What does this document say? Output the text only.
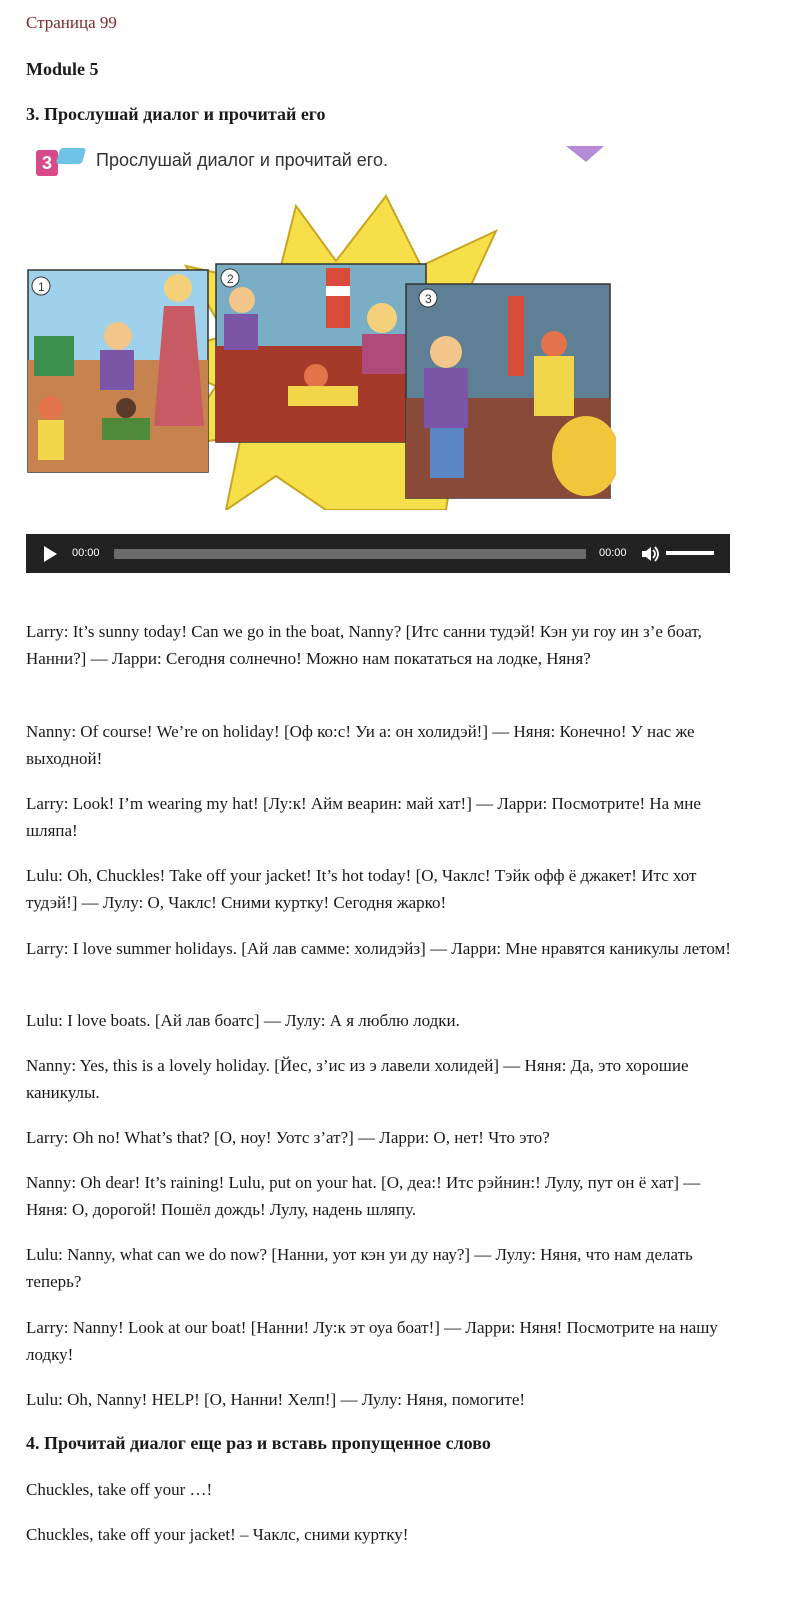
Страница 99
Module 5
3. Прослушай диалог и прочитай его
3	Прослушай диалог и прочитай его.
1
2
3
00:00	00:00

Larry: It’s sunny today! Can we go in the boat, Nanny? [Итс санни тудэй! Кэн уи гоу ин з’е боат, Нанни?] — Ларри: Сегодня солнечно! Можно нам покататься на лодке, Няня?

Nanny: Of course! We’re on holiday! [Оф ко:с! Уи а: он холидэй!] — Няня: Конечно! У нас же выходной!

Larry: Look! I’m wearing my hat! [Лу:к! Айм веарин: май хат!] — Ларри: Посмотрите! На мне шляпа!

Lulu: Oh, Chuckles! Take off your jacket! It’s hot today! [О, Чаклс! Тэйк офф ё джакет! Итс хот тудэй!] — Лулу: О, Чаклс! Сними куртку! Сегодня жарко!

Larry: I love summer holidays. [Ай лав самме: холидэйз] — Ларри: Мне нравятся каникулы летом!

Lulu: I love boats. [Ай лав боатс] — Лулу: А я люблю лодки.

Nanny: Yes, this is a lovely holiday. [Йес, з’ис из э лавели холидей] — Няня: Да, это хорошие каникулы.

Larry: Oh no! What’s that? [О, ноу! Уотс з’ат?] — Ларри: О, нет! Что это?

Nanny: Oh dear! It’s raining! Lulu, put on your hat. [О, деа:! Итс рэйнин:! Лулу, пут он ё хат] — Няня: О, дорогой! Пошёл дождь! Лулу, надень шляпу.

Lulu: Nanny, what can we do now? [Нанни, уот кэн уи ду нау?] — Лулу: Няня, что нам делать теперь?

Larry: Nanny! Look at our boat! [Нанни! Лу:к эт оуа боат!] — Ларри: Няня! Посмотрите на нашу лодку!

Lulu: Oh, Nanny! HELP! [О, Нанни! Хелп!] — Лулу: Няня, помогите!

4. Прочитай диалог еще раз и вставь пропущенное слово

Chuckles, take off your …!

Chuckles, take off your jacket! – Чаклс, сними куртку!
